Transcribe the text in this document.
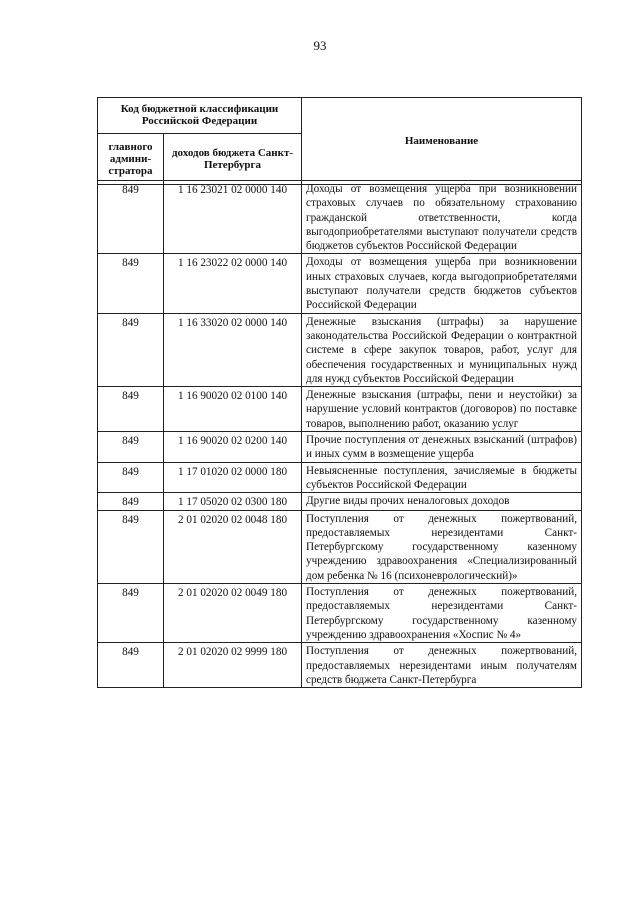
93
Код бюджетной классификации Российской Федерации		Наименование
главного админи-стратора	доходов бюджета Санкт-Петербурга	
849	1 16 23021 02 0000 140	Доходы от возмещения ущерба при возникновении страховых случаев по обязательному страхованию гражданской ответственности, когда выгодоприобретателями выступают получатели средств бюджетов субъектов Российской Федерации
849	1 16 23022 02 0000 140	Доходы от возмещения ущерба при возникновении иных страховых случаев, когда выгодоприобретателями выступают получатели средств бюджетов субъектов Российской Федерации
849	1 16 33020 02 0000 140	Денежные взыскания (штрафы) за нарушение законодательства Российской Федерации о контрактной системе в сфере закупок товаров, работ, услуг для обеспечения государственных и муниципальных нужд для нужд субъектов Российской Федерации
849	1 16 90020 02 0100 140	Денежные взыскания (штрафы, пени и неустойки) за нарушение условий контрактов (договоров) по поставке товаров, выполнению работ, оказанию услуг
849	1 16 90020 02 0200 140	Прочие поступления от денежных взысканий (штрафов) и иных сумм в возмещение ущерба
849	1 17 01020 02 0000 180	Невыясненные поступления, зачисляемые в бюджеты субъектов Российской Федерации
849	1 17 05020 02 0300 180	Другие виды прочих неналоговых доходов
849	2 01 02020 02 0048 180	Поступления от денежных пожертвований, предоставляемых нерезидентами Санкт-Петербургскому государственному казенному учреждению здравоохранения «Специализированный дом ребенка № 16 (психоневрологический)»
849	2 01 02020 02 0049 180	Поступления от денежных пожертвований, предоставляемых нерезидентами Санкт-Петербургскому государственному казенному учреждению здравоохранения «Хоспис № 4»
849	2 01 02020 02 9999 180	Поступления от денежных пожертвований, предоставляемых нерезидентами иным получателям средств бюджета Санкт-Петербурга
